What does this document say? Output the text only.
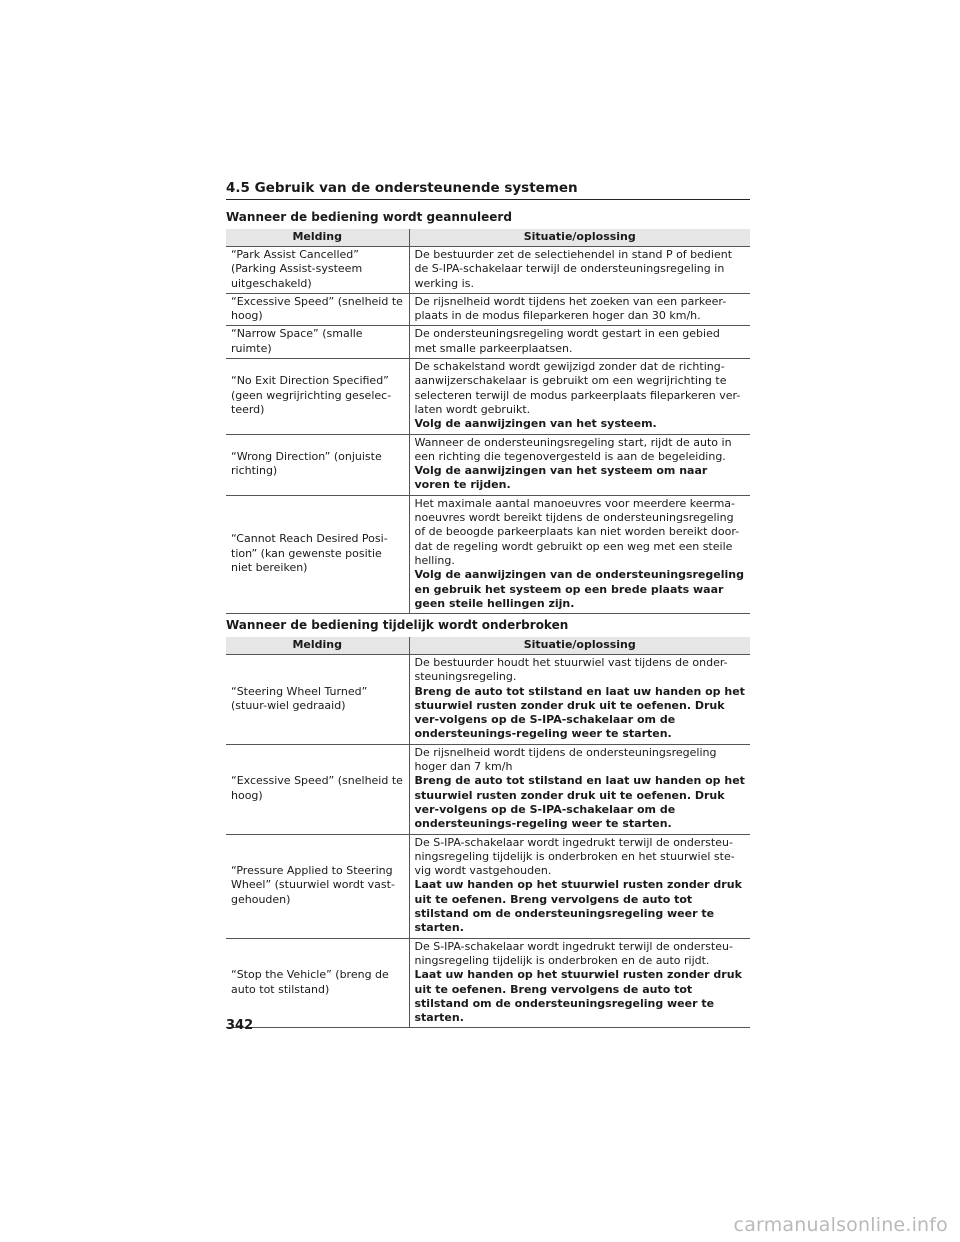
4.5 Gebruik van de ondersteunende systemen
Wanneer de bediening wordt geannuleerd
Melding	Situatie/oplossing
“Park Assist Cancelled” (Parking Assist-systeem uitgeschakeld)	De bestuurder zet de selectiehendel in stand P of bedient de S-IPA-schakelaar terwijl de ondersteuningsregeling in werking is.

“Excessive Speed” (snelheid te hoog)	De rijsnelheid wordt tijdens het zoeken van een parkeer-plaats in de modus fileparkeren hoger dan 30 km/h.

“Narrow Space” (smalle ruimte)	De ondersteuningsregeling wordt gestart in een gebied met smalle parkeerplaatsen.

“No Exit Direction Specified” (geen wegrijrichting geselec-teerd)	De schakelstand wordt gewijzigd zonder dat de richting-aanwijzerschakelaar is gebruikt om een wegrijrichting te selecteren terwijl de modus parkeerplaats fileparkeren ver-laten wordt gebruikt.
Volg de aanwijzingen van het systeem.

“Wrong Direction” (onjuiste richting)	Wanneer de ondersteuningsregeling start, rijdt de auto in een richting die tegenovergesteld is aan de begeleiding.
Volg de aanwijzingen van het systeem om naar voren te rijden.

“Cannot Reach Desired Posi-tion” (kan gewenste positie niet bereiken)	Het maximale aantal manoeuvres voor meerdere keerma-noeuvres wordt bereikt tijdens de ondersteuningsregeling of de beoogde parkeerplaats kan niet worden bereikt door-dat de regeling wordt gebruikt op een weg met een steile helling.
Volg de aanwijzingen van de ondersteuningsregeling en gebruik het systeem op een brede plaats waar geen steile hellingen zijn.
Wanneer de bediening tijdelijk wordt onderbroken
Melding	Situatie/oplossing
“Steering Wheel Turned” (stuur-wiel gedraaid)	De bestuurder houdt het stuurwiel vast tijdens de onder-steuningsregeling.
Breng de auto tot stilstand en laat uw handen op het stuurwiel rusten zonder druk uit te oefenen. Druk ver-volgens op de S-IPA-schakelaar om de ondersteunings-regeling weer te starten.

“Excessive Speed” (snelheid te hoog)	De rijsnelheid wordt tijdens de ondersteuningsregeling hoger dan 7 km/h
Breng de auto tot stilstand en laat uw handen op het stuurwiel rusten zonder druk uit te oefenen. Druk ver-volgens op de S-IPA-schakelaar om de ondersteunings-regeling weer te starten.

“Pressure Applied to Steering Wheel” (stuurwiel wordt vast-gehouden)	De S-IPA-schakelaar wordt ingedrukt terwijl de ondersteu-ningsregeling tijdelijk is onderbroken en het stuurwiel ste-vig wordt vastgehouden.
Laat uw handen op het stuurwiel rusten zonder druk uit te oefenen. Breng vervolgens de auto tot stilstand om de ondersteuningsregeling weer te starten.

“Stop the Vehicle” (breng de auto tot stilstand)	De S-IPA-schakelaar wordt ingedrukt terwijl de ondersteu-ningsregeling tijdelijk is onderbroken en de auto rijdt.
Laat uw handen op het stuurwiel rusten zonder druk uit te oefenen. Breng vervolgens de auto tot stilstand om de ondersteuningsregeling weer te starten.
342
carmanualsonline.info
